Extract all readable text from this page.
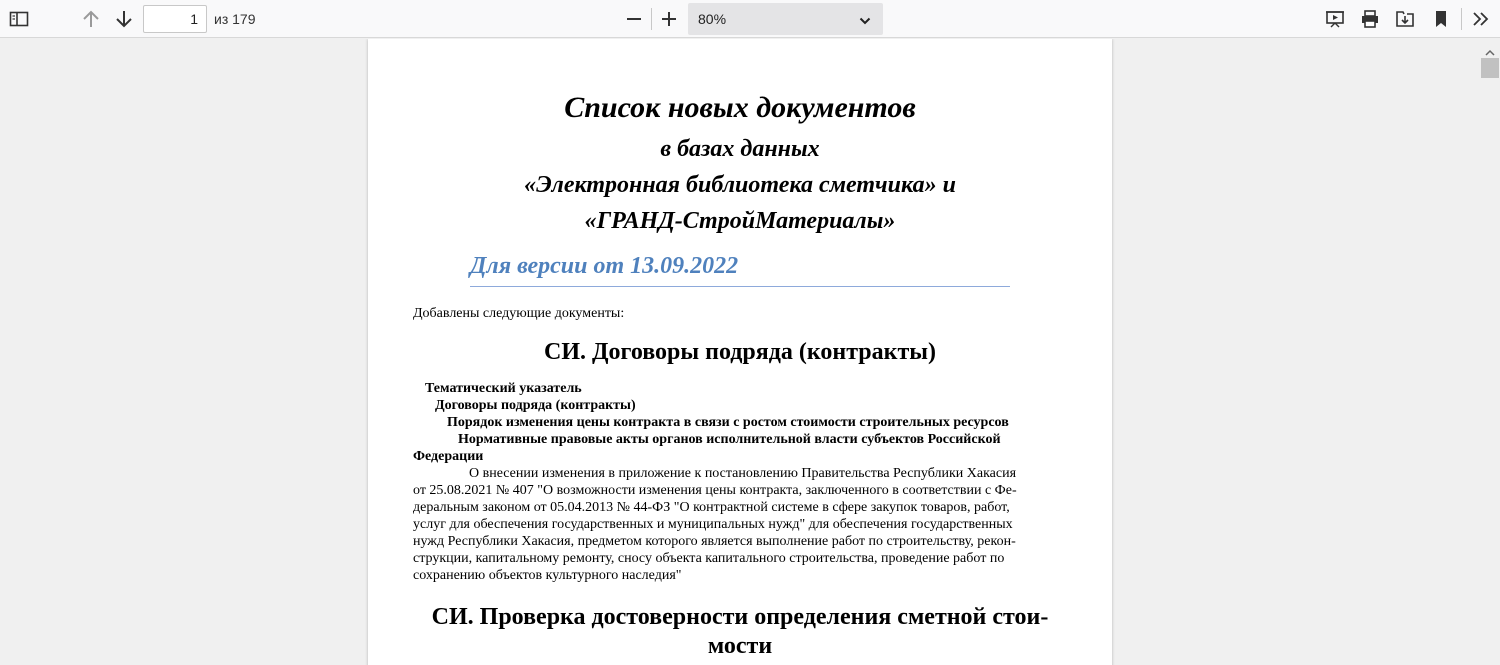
1
из 179	80%
Список новых документов
в базах данных
«Электронная библиотека сметчика» и
«ГРАНД-СтройМатериалы»
Для версии от 13.09.2022
Добавлены следующие документы:
СИ. Договоры подряда (контракты)
Тематический указатель
Договоры подряда (контракты)
Порядок изменения цены контракта в связи с ростом стоимости строительных ресурсов
Нормативные правовые акты органов исполнительной власти субъектов Российской
Федерации
О внесении изменения в приложение к постановлению Правительства Республики Хакасия
от 25.08.2021 № 407 "О возможности изменения цены контракта, заключенного в соответствии с Фе-
деральным законом от 05.04.2013 № 44-ФЗ "О контрактной системе в сфере закупок товаров, работ,
услуг для обеспечения государственных и муниципальных нужд" для обеспечения государственных
нужд Республики Хакасия, предметом которого является выполнение работ по строительству, рекон-
струкции, капитальному ремонту, сносу объекта капитального строительства, проведение работ по
сохранению объектов культурного наследия"
СИ. Проверка достоверности определения сметной стои-
мости
